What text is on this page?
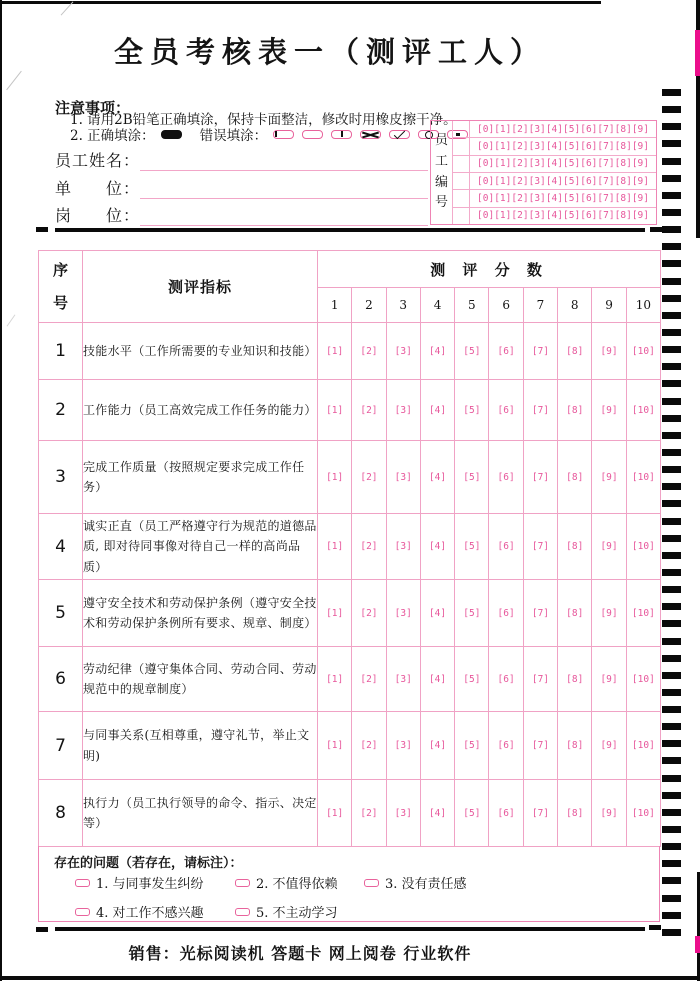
全员考核表一（测评工人）
注意事项：
1. 请用2B铅笔正确填涂，保持卡面整洁，修改时用橡皮擦干净。
2. 正确填涂：	错误填涂：
员工姓名：
单　　位：
岗　　位：
员工编号
[0] [1] [2] [3] [4] [5] [6] [7] [8] [9]
[0] [1] [2] [3] [4] [5] [6] [7] [8] [9]
[0] [1] [2] [3] [4] [5] [6] [7] [8] [9]
[0] [1] [2] [3] [4] [5] [6] [7] [8] [9]
[0] [1] [2] [3] [4] [5] [6] [7] [8] [9]
[0] [1] [2] [3] [4] [5] [6] [7] [8] [9]
序号	测评指标	测 评 分 数									
		1	2	3	4	5	6	7	8	9	10
1	技能水平（工作所需要的专业知识和技能）	[1]	[2]	[3]	[4]	[5]	[6]	[7]	[8]	[9]	[10]
2	工作能力（员工高效完成工作任务的能力）	[1]	[2]	[3]	[4]	[5]	[6]	[7]	[8]	[9]	[10]
3	完成工作质量（按照规定要求完成工作任务）	[1]	[2]	[3]	[4]	[5]	[6]	[7]	[8]	[9]	[10]
4	诚实正直（员工严格遵守行为规范的道德品质, 即对待同事像对待自己一样的高尚品质）	[1]	[2]	[3]	[4]	[5]	[6]	[7]	[8]	[9]	[10]
5	遵守安全技术和劳动保护条例（遵守安全技术和劳动保护条例所有要求、规章、制度）	[1]	[2]	[3]	[4]	[5]	[6]	[7]	[8]	[9]	[10]
6	劳动纪律（遵守集体合同、劳动合同、劳动规范中的规章制度）	[1]	[2]	[3]	[4]	[5]	[6]	[7]	[8]	[9]	[10]
7	与同事关系(互相尊重，遵守礼节，举止文明)	[1]	[2]	[3]	[4]	[5]	[6]	[7]	[8]	[9]	[10]
8	执行力（员工执行领导的命令、指示、决定等）	[1]	[2]	[3]	[4]	[5]	[6]	[7]	[8]	[9]	[10]
存在的问题（若存在，请标注）：
1. 与同事发生纠纷	2. 不值得依赖	3. 没有责任感
4. 对工作不感兴趣	5. 不主动学习
销售：光标阅读机 答题卡 网上阅卷 行业软件
